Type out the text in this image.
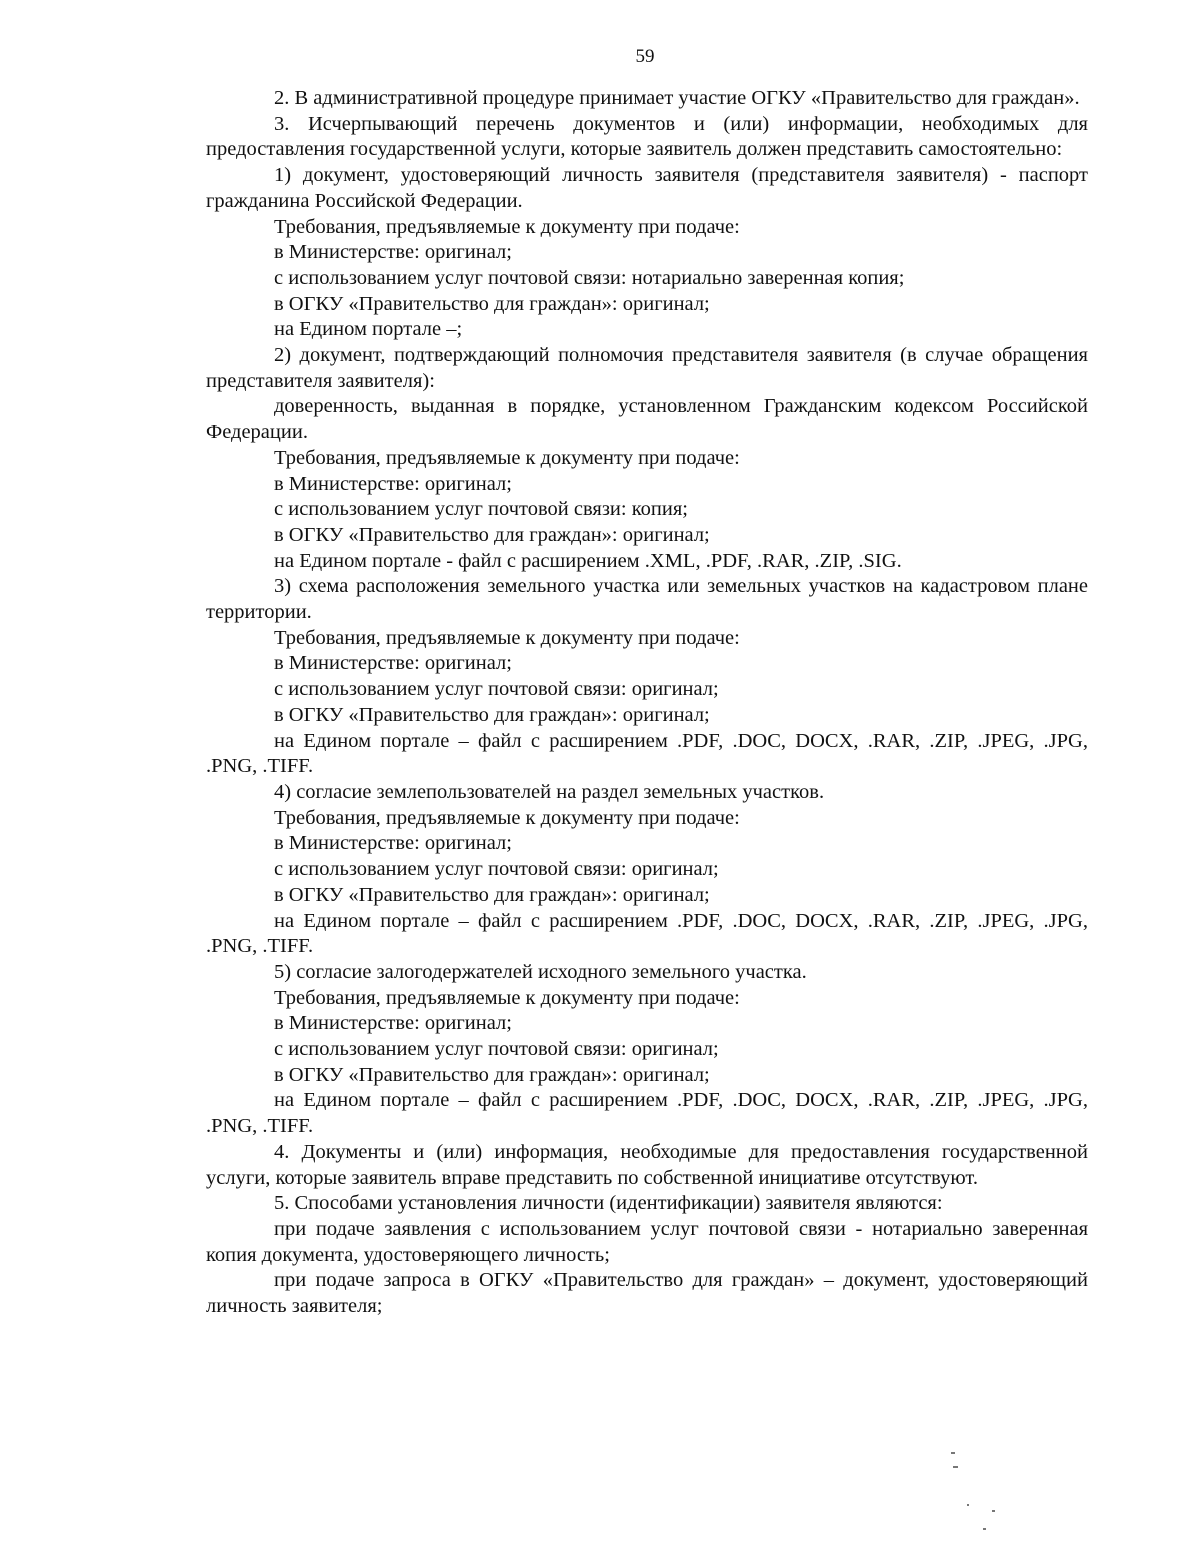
59

2. В административной процедуре принимает участие ОГКУ «Правительство для граждан».

3. Исчерпывающий перечень документов и (или) информации, необходимых для предоставления государственной услуги, которые заявитель должен представить самостоятельно:

1) документ, удостоверяющий личность заявителя (представителя заявителя) - паспорт гражданина Российской Федерации.

Требования, предъявляемые к документу при подаче:

в Министерстве: оригинал;

с использованием услуг почтовой связи: нотариально заверенная копия;

в ОГКУ «Правительство для граждан»: оригинал;

на Едином портале –;

2) документ, подтверждающий полномочия представителя заявителя (в случае обращения представителя заявителя):

доверенность, выданная в порядке, установленном Гражданским кодексом Российской Федерации.

Требования, предъявляемые к документу при подаче:

в Министерстве: оригинал;

с использованием услуг почтовой связи: копия;

в ОГКУ «Правительство для граждан»: оригинал;

на Едином портале - файл с расширением .XML, .PDF, .RAR, .ZIP, .SIG.

3) схема расположения земельного участка или земельных участков на кадастровом плане территории.

Требования, предъявляемые к документу при подаче:

в Министерстве: оригинал;

с использованием услуг почтовой связи: оригинал;

в ОГКУ «Правительство для граждан»: оригинал;

на Едином портале – файл с расширением .PDF, .DOC, DOCX, .RAR, .ZIP, .JPEG, .JPG, .PNG, .TIFF.

4) согласие землепользователей на раздел земельных участков.

Требования, предъявляемые к документу при подаче:

в Министерстве: оригинал;

с использованием услуг почтовой связи: оригинал;

в ОГКУ «Правительство для граждан»: оригинал;

на Едином портале – файл с расширением .PDF, .DOC, DOCX, .RAR, .ZIP, .JPEG, .JPG, .PNG, .TIFF.

5) согласие залогодержателей исходного земельного участка.

Требования, предъявляемые к документу при подаче:

в Министерстве: оригинал;

с использованием услуг почтовой связи: оригинал;

в ОГКУ «Правительство для граждан»: оригинал;

на Едином портале – файл с расширением .PDF, .DOC, DOCX, .RAR, .ZIP, .JPEG, .JPG, .PNG, .TIFF.

4. Документы и (или) информация, необходимые для предоставления государственной услуги, которые заявитель вправе представить по собственной инициативе отсутствуют.

5. Способами установления личности (идентификации) заявителя являются:

при подаче заявления с использованием услуг почтовой связи - нотариально заверенная копия документа, удостоверяющего личность;

при подаче запроса в ОГКУ «Правительство для граждан» – документ, удостоверяющий личность заявителя;
